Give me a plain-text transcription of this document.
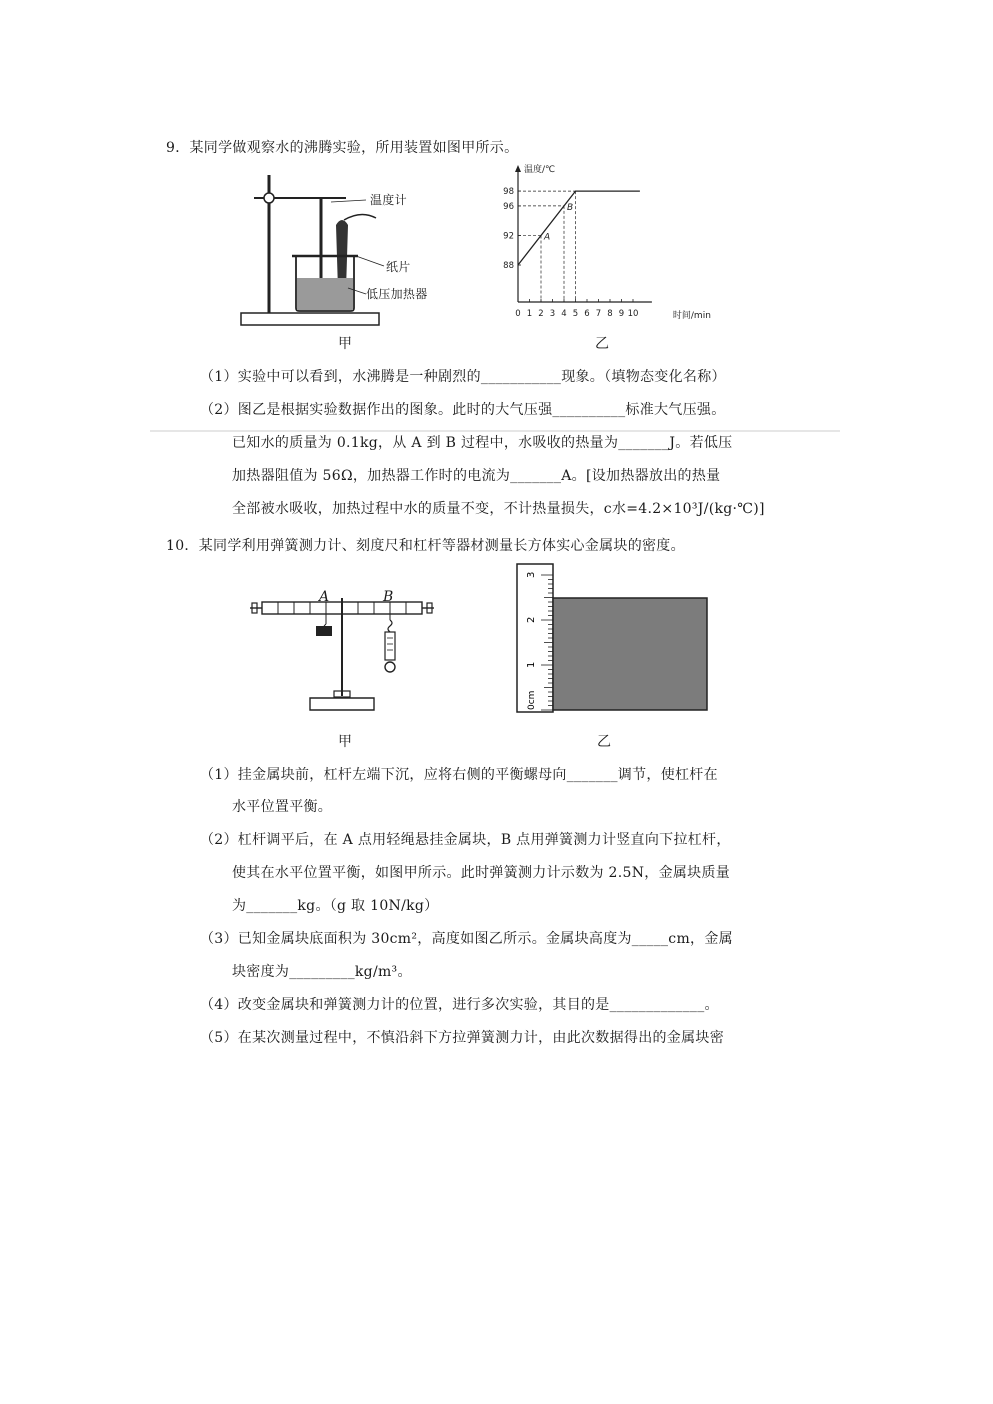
9．某同学做观察水的沸腾实验，所用装置如图甲所示。
温度计
纸片
低压加热器
甲
温度/℃
时间/min
0 1 2 3 4 5 6 7 8 9 10
88
92
96
98
A
B
乙
（1）实验中可以看到，水沸腾是一种剧烈的___________现象。（填物态变化名称）
（2）图乙是根据实验数据作出的图象。此时的大气压强__________标准大气压强。
已知水的质量为 0.1kg，从 A 到 B 过程中，水吸收的热量为_______J。若低压
加热器阻值为 56Ω，加热器工作时的电流为_______A。[设加热器放出的热量
全部被水吸收，加热过程中水的质量不变，不计热量损失，c水=4.2×10³J/(kg·℃)]
10．某同学利用弹簧测力计、刻度尺和杠杆等器材测量长方体实心金属块的密度。
A	B
甲
3
2
1
0cm
乙
（1）挂金属块前，杠杆左端下沉，应将右侧的平衡螺母向_______调节，使杠杆在
水平位置平衡。
（2）杠杆调平后，在 A 点用轻绳悬挂金属块，B 点用弹簧测力计竖直向下拉杠杆，
使其在水平位置平衡，如图甲所示。此时弹簧测力计示数为 2.5N，金属块质量
为_______kg。（g 取 10N/kg）
（3）已知金属块底面积为 30cm²，高度如图乙所示。金属块高度为_____cm，金属
块密度为_________kg/m³。
（4）改变金属块和弹簧测力计的位置，进行多次实验，其目的是_____________。
（5）在某次测量过程中，不慎沿斜下方拉弹簧测力计，由此次数据得出的金属块密
